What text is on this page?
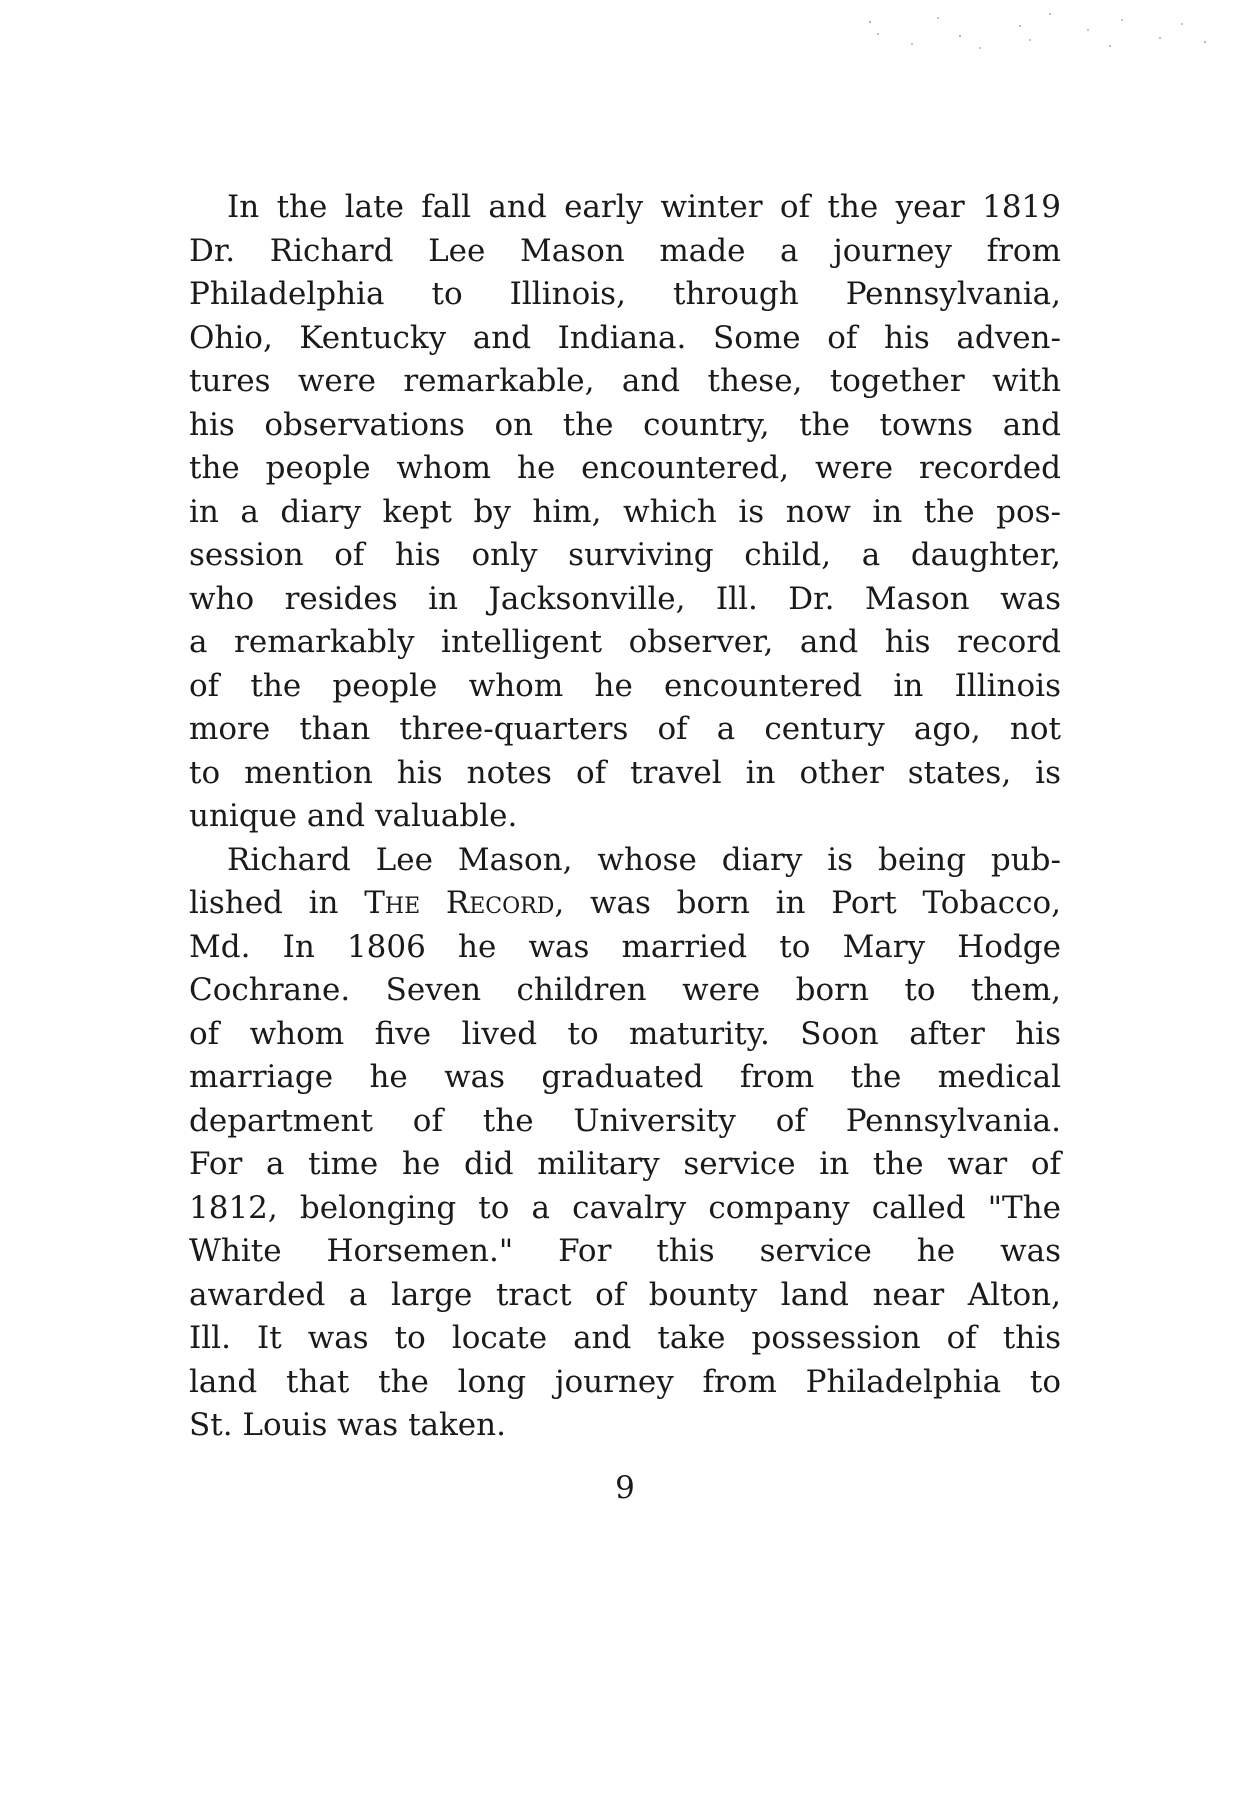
In the late fall and early winter of the year 1819
Dr. Richard Lee Mason made a journey from
Philadelphia to Illinois, through Pennsylvania,
Ohio, Kentucky and Indiana. Some of his adven-
tures were remarkable, and these, together with
his observations on the country, the towns and
the people whom he encountered, were recorded
in a diary kept by him, which is now in the pos-
session of his only surviving child, a daughter,
who resides in Jacksonville, Ill. Dr. Mason was
a remarkably intelligent observer, and his record
of the people whom he encountered in Illinois
more than three-quarters of a century ago, not
to mention his notes of travel in other states, is
unique and valuable.
Richard Lee Mason, whose diary is being pub-
lished in The Record, was born in Port Tobacco,
Md. In 1806 he was married to Mary Hodge
Cochrane. Seven children were born to them,
of whom five lived to maturity. Soon after his
marriage he was graduated from the medical
department of the University of Pennsylvania.
For a time he did military service in the war of
1812, belonging to a cavalry company called "The
White Horsemen." For this service he was
awarded a large tract of bounty land near Alton,
Ill. It was to locate and take possession of this
land that the long journey from Philadelphia to
St. Louis was taken.
9
